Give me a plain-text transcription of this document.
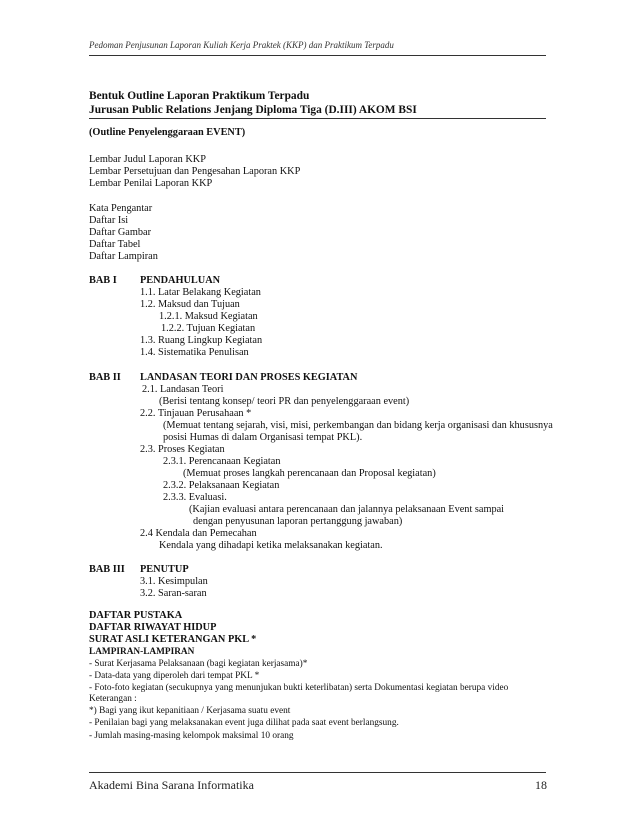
Pedoman Penjusunan Laporan Kuliah Kerja Praktek (KKP) dan Praktikum Terpadu
Bentuk Outline Laporan Praktikum Terpadu
Jurusan Public Relations Jenjang Diploma Tiga (D.III) AKOM BSI
(Outline Penyelenggaraan EVENT)
Lembar Judul Laporan KKP
Lembar Persetujuan dan Pengesahan Laporan KKP
Lembar Penilai Laporan KKP
Kata Pengantar
Daftar Isi
Daftar Gambar
Daftar Tabel
Daftar Lampiran
BAB I PENDAHULUAN
1.1. Latar Belakang Kegiatan
1.2. Maksud dan Tujuan
1.2.1. Maksud Kegiatan
1.2.2. Tujuan Kegiatan
1.3. Ruang Lingkup Kegiatan
1.4. Sistematika Penulisan
BAB II LANDASAN TEORI DAN PROSES KEGIATAN
2.1. Landasan Teori
(Berisi tentang konsep/ teori PR dan penyelenggaraan event)
2.2. Tinjauan Perusahaan *
(Memuat tentang sejarah, visi, misi, perkembangan dan bidang kerja organisasi dan khususnya
posisi Humas di dalam Organisasi tempat PKL).
2.3. Proses Kegiatan
2.3.1. Perencanaan Kegiatan
(Memuat proses langkah perencanaan dan Proposal kegiatan)
2.3.2. Pelaksanaan Kegiatan
2.3.3. Evaluasi.
(Kajian evaluasi antara perencanaan dan jalannya pelaksanaan Event sampai
dengan penyusunan laporan pertanggung jawaban)
2.4 Kendala dan Pemecahan
Kendala yang dihadapi ketika melaksanakan kegiatan.
BAB III PENUTUP
3.1. Kesimpulan
3.2. Saran-saran
DAFTAR PUSTAKA
DAFTAR RIWAYAT HIDUP
SURAT ASLI KETERANGAN PKL *
LAMPIRAN-LAMPIRAN
- Surat Kerjasama Pelaksanaan (bagi kegiatan kerjasama)*
- Data-data yang diperoleh dari tempat PKL *
- Foto-foto kegiatan (secukupnya yang menunjukan bukti keterlibatan) serta Dokumentasi kegiatan berupa video
Keterangan :
*) Bagi yang ikut kepanitiaan / Kerjasama suatu event
- Penilaian bagi yang melaksanakan event juga dilihat pada saat event berlangsung.
- Jumlah masing-masing kelompok maksimal 10 orang
Akademi Bina Sarana Informatika	18
